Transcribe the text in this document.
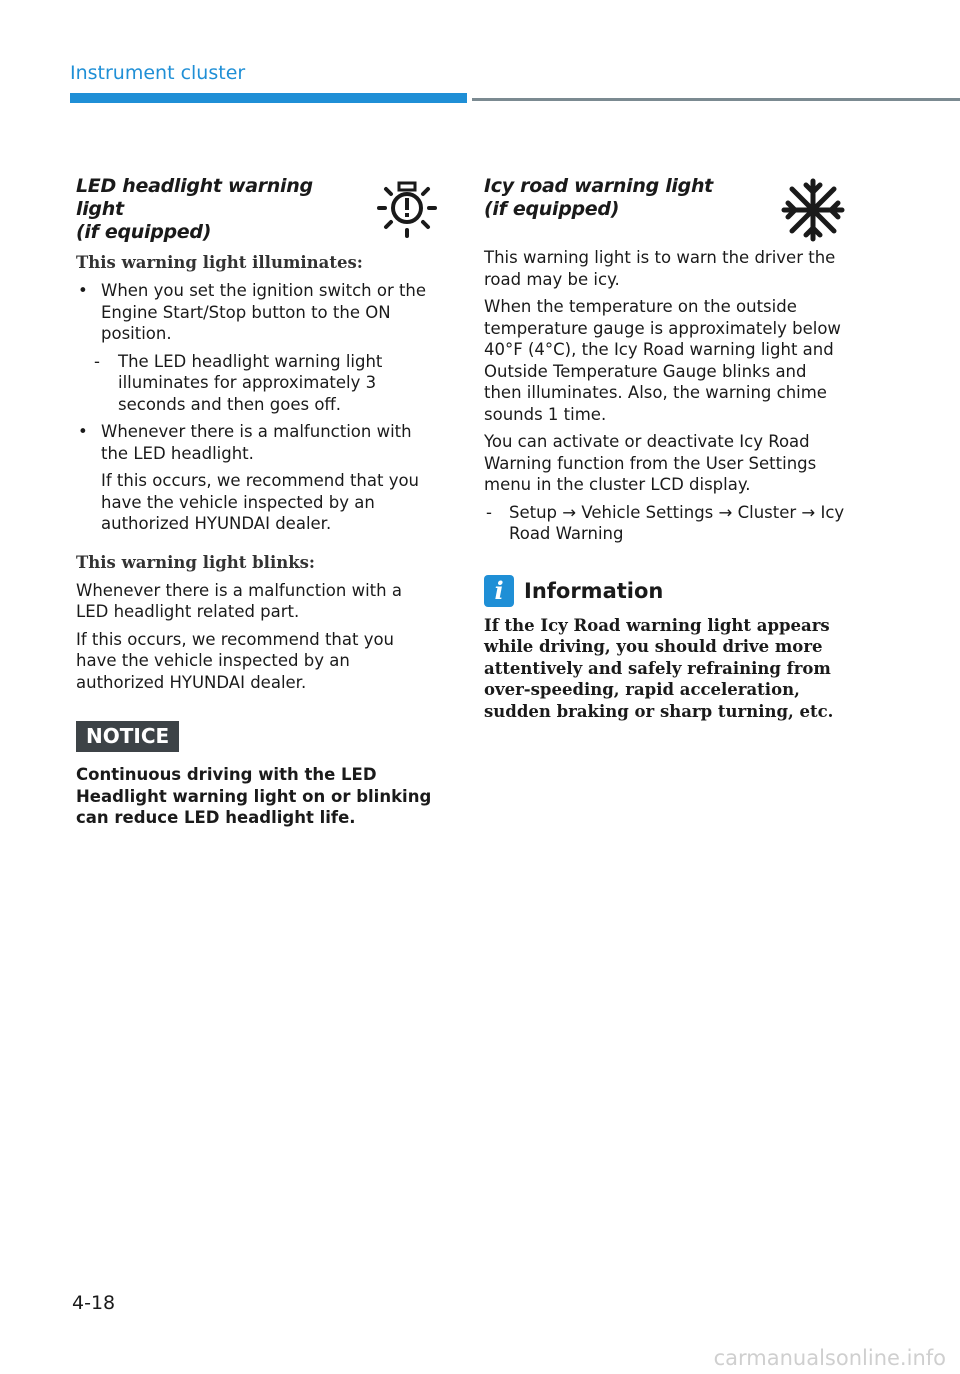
Instrument cluster
LED headlight warning light
(if equipped)
This warning light illuminates:
• When you set the ignition switch or the Engine Start/Stop button to the ON position.
- The LED headlight warning light illuminates for approximately 3 seconds and then goes off.
• Whenever there is a malfunction with the LED headlight.

If this occurs, we recommend that you have the vehicle inspected by an authorized HYUNDAI dealer.

This warning light blinks:

Whenever there is a malfunction with a LED headlight related part.

If this occurs, we recommend that you have the vehicle inspected by an authorized HYUNDAI dealer.

NOTICE

Continuous driving with the LED Headlight warning light on or blinking can reduce LED headlight life.

Icy road warning light
(if equipped)

This warning light is to warn the driver the road may be icy.

When the temperature on the outside temperature gauge is approximately below 40°F (4°C), the Icy Road warning light and Outside Temperature Gauge blinks and then illuminates. Also, the warning chime sounds 1 time.

You can activate or deactivate Icy Road Warning function from the User Settings menu in the cluster LCD display.

- Setup → Vehicle Settings → Cluster → Icy Road Warning
i Information

If the Icy Road warning light appears while driving, you should drive more attentively and safely refraining from over-speeding, rapid acceleration, sudden braking or sharp turning, etc.

4-18
carmanualsonline.info
